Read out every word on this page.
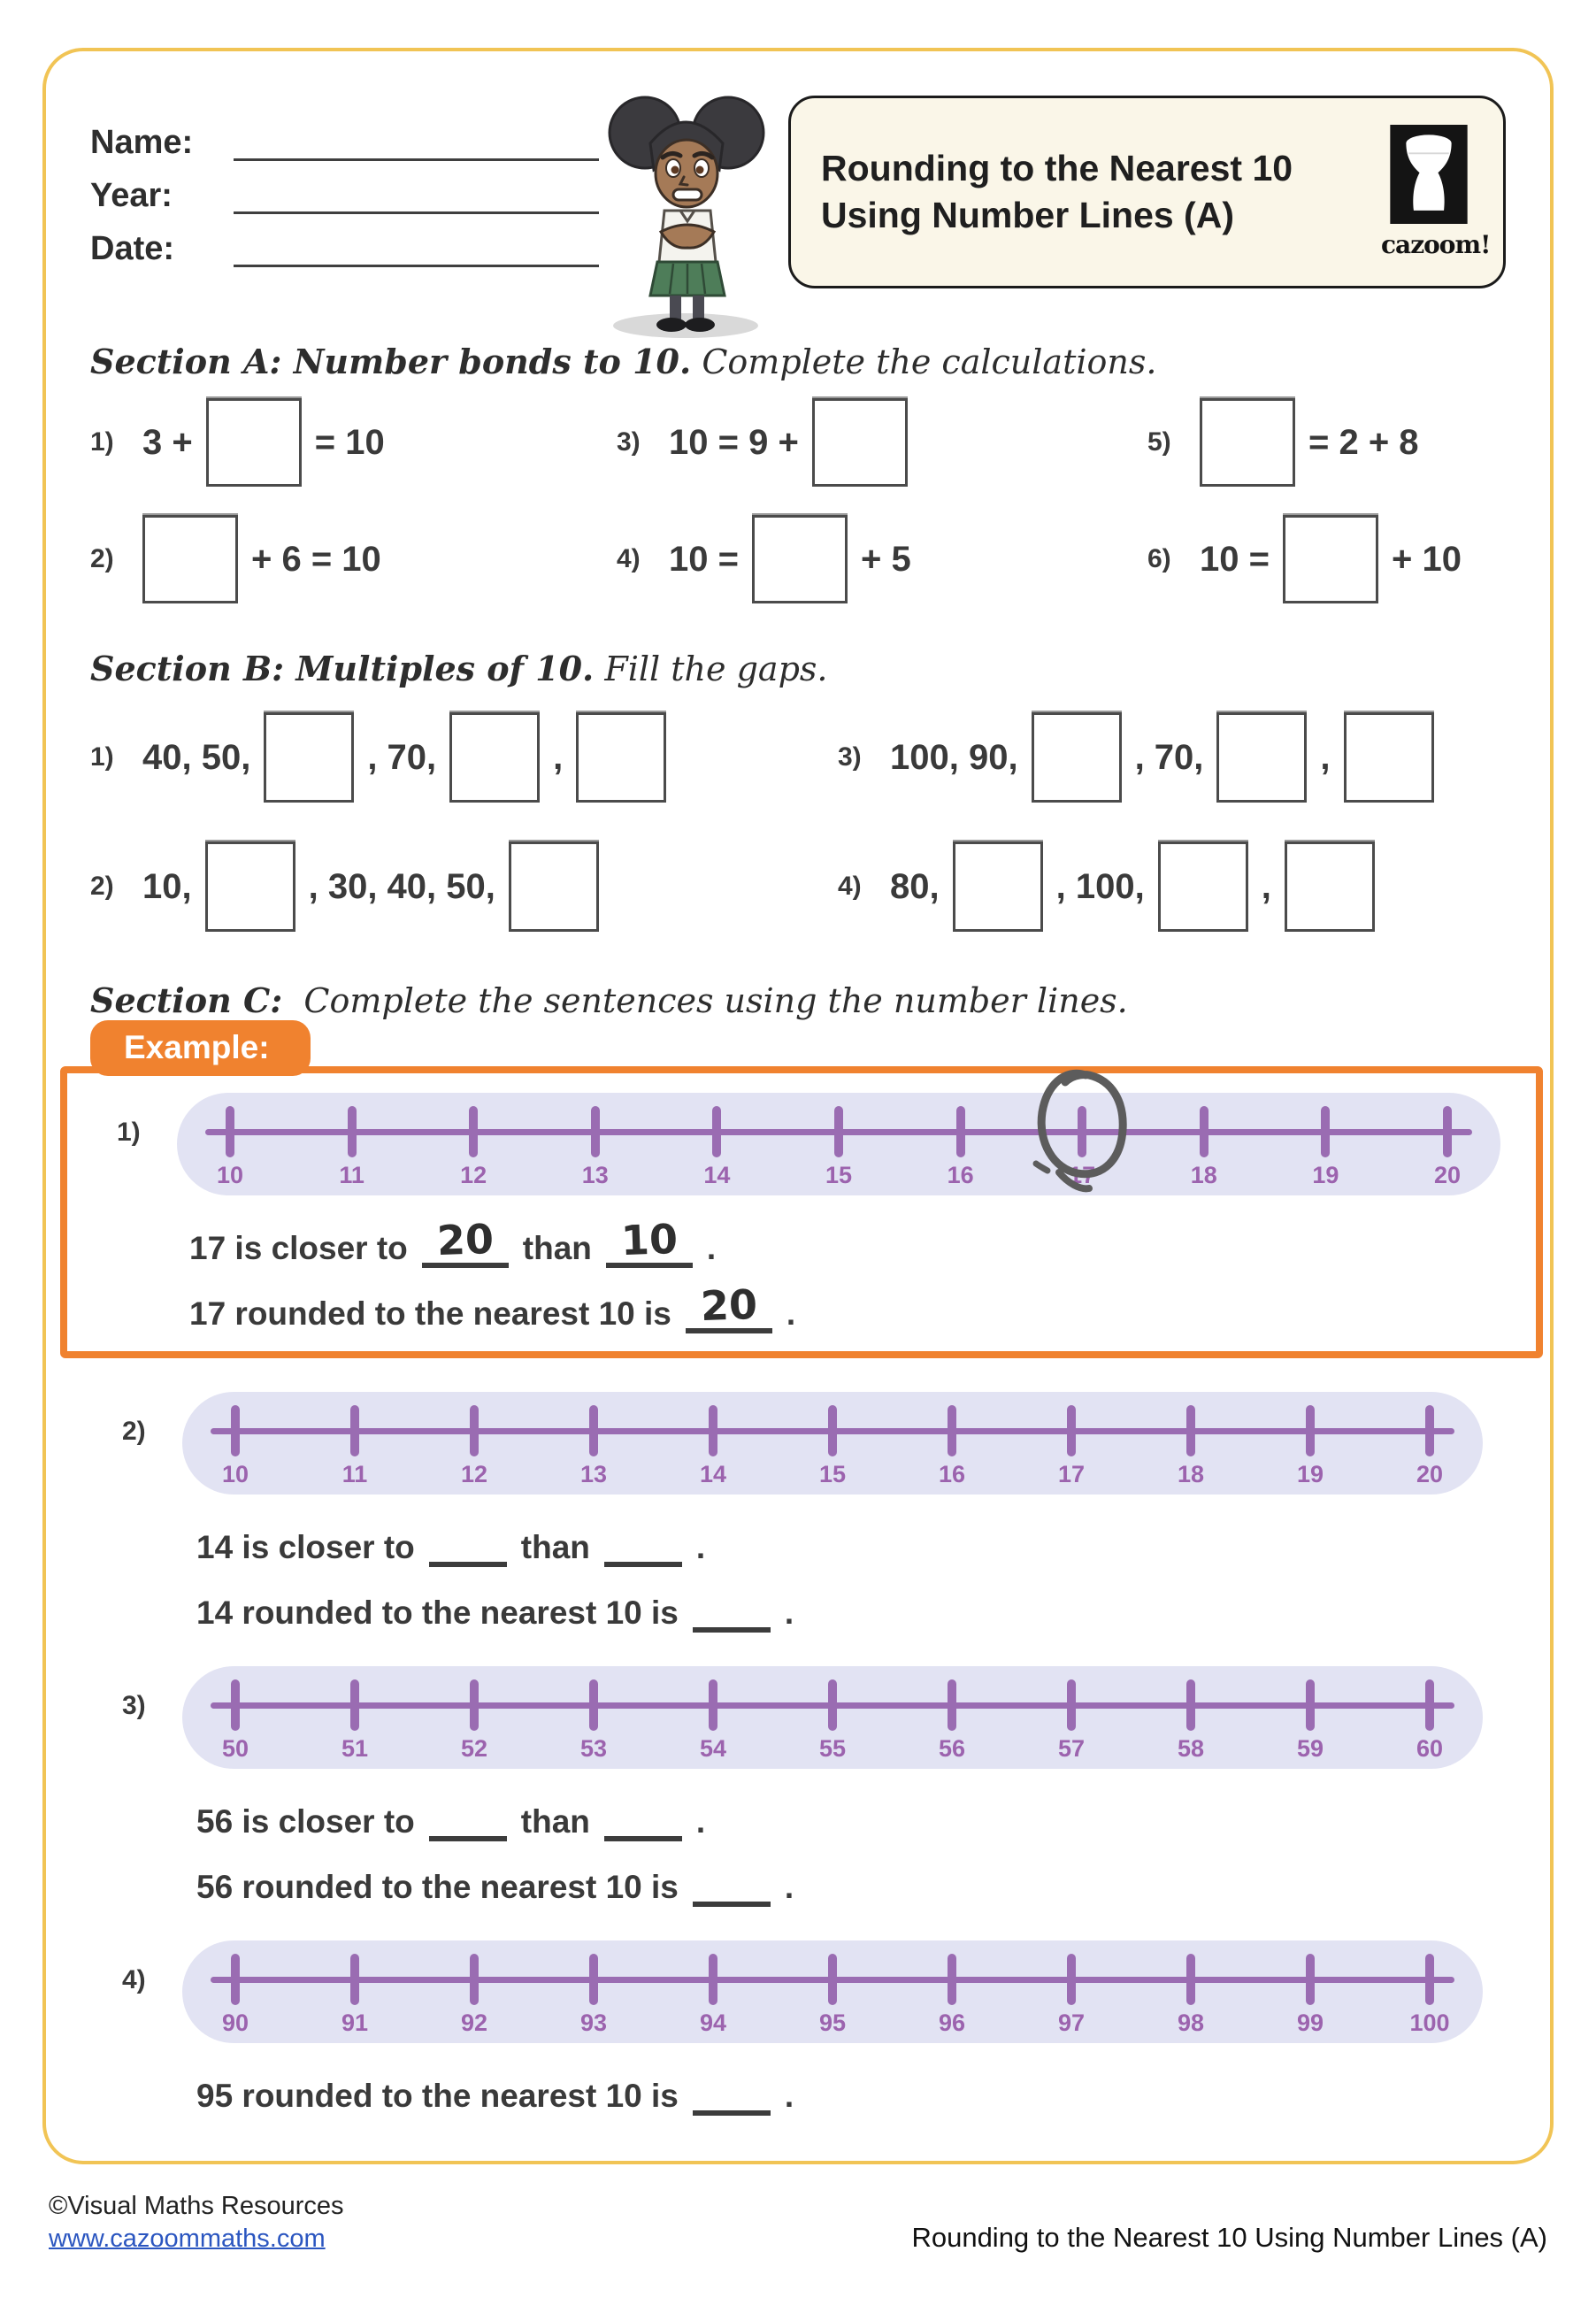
Name:
Year:
Date:
Rounding to the Nearest 10
Using Number Lines (A)
cazoom!
Section A: Number bonds to 10. Complete the calculations.
1) 3 +	= 10	3) 10 = 9 +	5)	= 2 + 8
2)	+ 6 = 10	4) 10 =	+ 5	6) 10 =	+ 10
Section B: Multiples of 10. Fill the gaps.
1) 40, 50,	, 70,	,	3) 100, 90,	, 70,	,
2) 10,	, 30, 40, 50,	4) 80,	, 100,	,
Section C: Complete the sentences using the number lines.
Example:
1)
10	11	12	13	14	15	16	17	18	19	20
17 is closer to 20 than 10 .
17 rounded to the nearest 10 is 20 .
2)
10	11	12	13	14	15	16	17	18	19	20
14 is closer to	than	.
14 rounded to the nearest 10 is	.
3)
50	51	52	53	54	55	56	57	58	59	60
56 is closer to	than	.
56 rounded to the nearest 10 is	.
4)
90	91	92	93	94	95	96	97	98	99	100
95 rounded to the nearest 10 is	.
©Visual Maths Resources
www.cazoommaths.com	Rounding to the Nearest 10 Using Number Lines (A)
